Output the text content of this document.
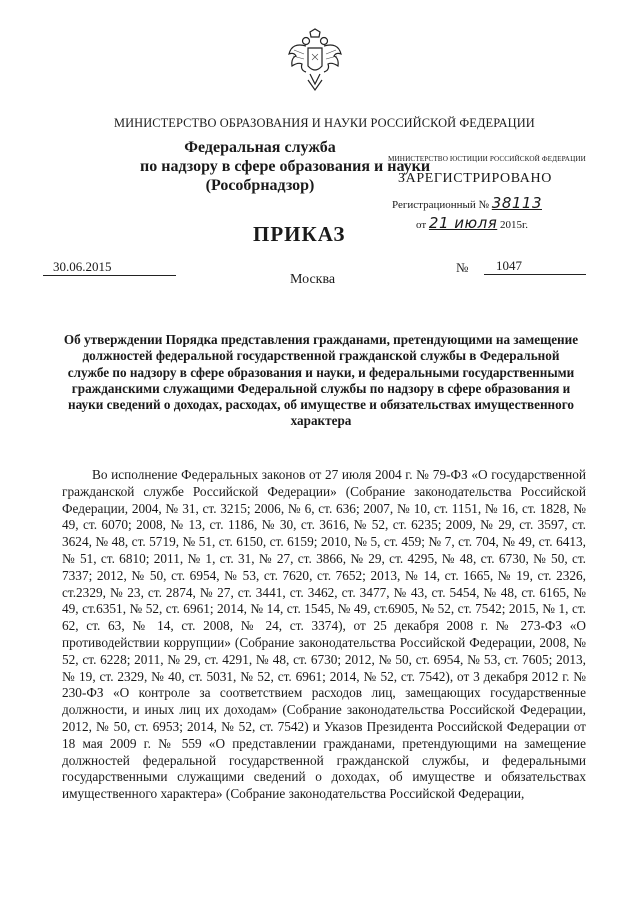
МИНИСТЕРСТВО ОБРАЗОВАНИЯ И НАУКИ РОССИЙСКОЙ ФЕДЕРАЦИИ
Федеральная служба
по надзору в сфере образования и науки
(Рособрнадзор)
МИНИСТЕРСТВО ЮСТИЦИИ РОССИЙСКОЙ ФЕДЕРАЦИИ
ЗАРЕГИСТРИРОВАНО
Регистрационный № 38113
от 21 июля 2015г.
ПРИКАЗ
30.06.2015
Москва
№	1047
Об утверждении Порядка представления гражданами, претендующими на замещение должностей федеральной государственной гражданской службы в Федеральной службе по надзору в сфере образования и науки, и федеральными государственными гражданскими служащими Федеральной службы по надзору в сфере образования и науки сведений о доходах, расходах, об имуществе и обязательствах имущественного характера
Во исполнение Федеральных законов от 27 июля 2004 г. № 79-ФЗ «О государственной гражданской службе Российской Федерации» (Собрание законодательства Российской Федерации, 2004, № 31, ст. 3215; 2006, № 6, ст. 636; 2007, № 10, ст. 1151, № 16, ст. 1828, № 49, ст. 6070; 2008, № 13, ст. 1186, № 30, ст. 3616, № 52, ст. 6235; 2009, № 29, ст. 3597, ст. 3624, № 48, ст. 5719, № 51, ст. 6150, ст. 6159; 2010, № 5, ст. 459; № 7, ст. 704, № 49, ст. 6413, № 51, ст. 6810; 2011, № 1, ст. 31, № 27, ст. 3866, № 29, ст. 4295, № 48, ст. 6730, № 50, ст. 7337; 2012, № 50, ст. 6954, № 53, ст. 7620, ст. 7652; 2013, № 14, ст. 1665, № 19, ст. 2326, ст.2329, № 23, ст. 2874, № 27, ст. 3441, ст. 3462, ст. 3477, № 43, ст. 5454, № 48, ст. 6165, № 49, ст.6351, № 52, ст. 6961; 2014, № 14, ст. 1545, № 49, ст.6905, № 52, ст. 7542; 2015, № 1, ст. 62, ст. 63, № 14, ст. 2008, № 24, ст. 3374), от 25 декабря 2008 г. № 273-ФЗ «О противодействии коррупции» (Собрание законодательства Российской Федерации, 2008, № 52, ст. 6228; 2011, № 29, ст. 4291, № 48, ст. 6730; 2012, № 50, ст. 6954, № 53, ст. 7605; 2013, № 19, ст. 2329, № 40, ст. 5031, № 52, ст. 6961; 2014, № 52, ст. 7542), от 3 декабря 2012 г. № 230-ФЗ «О контроле за соответствием расходов лиц, замещающих государственные должности, и иных лиц их доходам» (Собрание законодательства Российской Федерации, 2012, № 50, ст. 6953; 2014, № 52, ст. 7542) и Указов Президента Российской Федерации от 18 мая 2009 г. № 559 «О представлении гражданами, претендующими на замещение должностей федеральной государственной гражданской службы, и федеральными государственными служащими сведений о доходах, об имуществе и обязательствах имущественного характера» (Собрание законодательства Российской Федерации,
